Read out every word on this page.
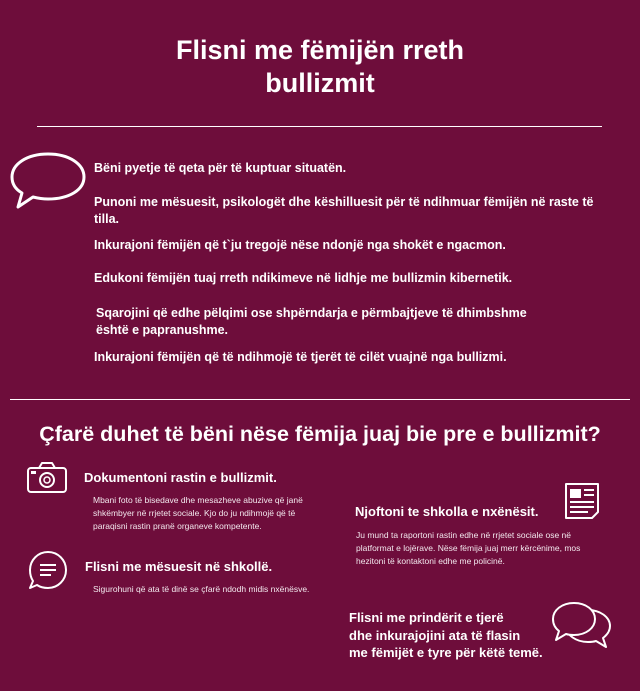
Flisni me fëmijën rreth
bullizmit
Bëni pyetje të qeta për të kuptuar situatën.
Punoni me mësuesit, psikologët dhe këshilluesit për të ndihmuar fëmijën në raste të tilla.
Inkurajoni fëmijën që t`ju tregojë nëse ndonjë nga shokët e ngacmon.
Edukoni fëmijën tuaj rreth ndikimeve në lidhje me bullizmin kibernetik.
Sqarojini që edhe pëlqimi ose shpërndarja e përmbajtjeve të dhimbshme është e papranushme.
Inkurajoni fëmijën që të ndihmojë të tjerët të cilët vuajnë nga bullizmi.
Çfarë duhet të bëni nëse fëmija juaj bie pre e bullizmit?
Dokumentoni rastin e bullizmit.
Mbani foto të bisedave dhe mesazheve abuzive që janë
shkëmbyer në rrjetet sociale. Kjo do ju ndihmojë që të
paraqisni rastin pranë organeve kompetente.
Njoftoni te shkolla e nxënësit.
Ju mund ta raportoni rastin edhe në rrjetet sociale ose në
platformat e lojërave. Nëse fëmija juaj merr kërcënime, mos
hezitoni të kontaktoni edhe me policinë.
Flisni me mësuesit në shkollë.
Sigurohuni që ata të dinë se çfarë ndodh midis nxënësve.
Flisni me prindërit e tjerë
dhe inkurajojini ata të flasin
me fëmijët e tyre për këtë temë.
